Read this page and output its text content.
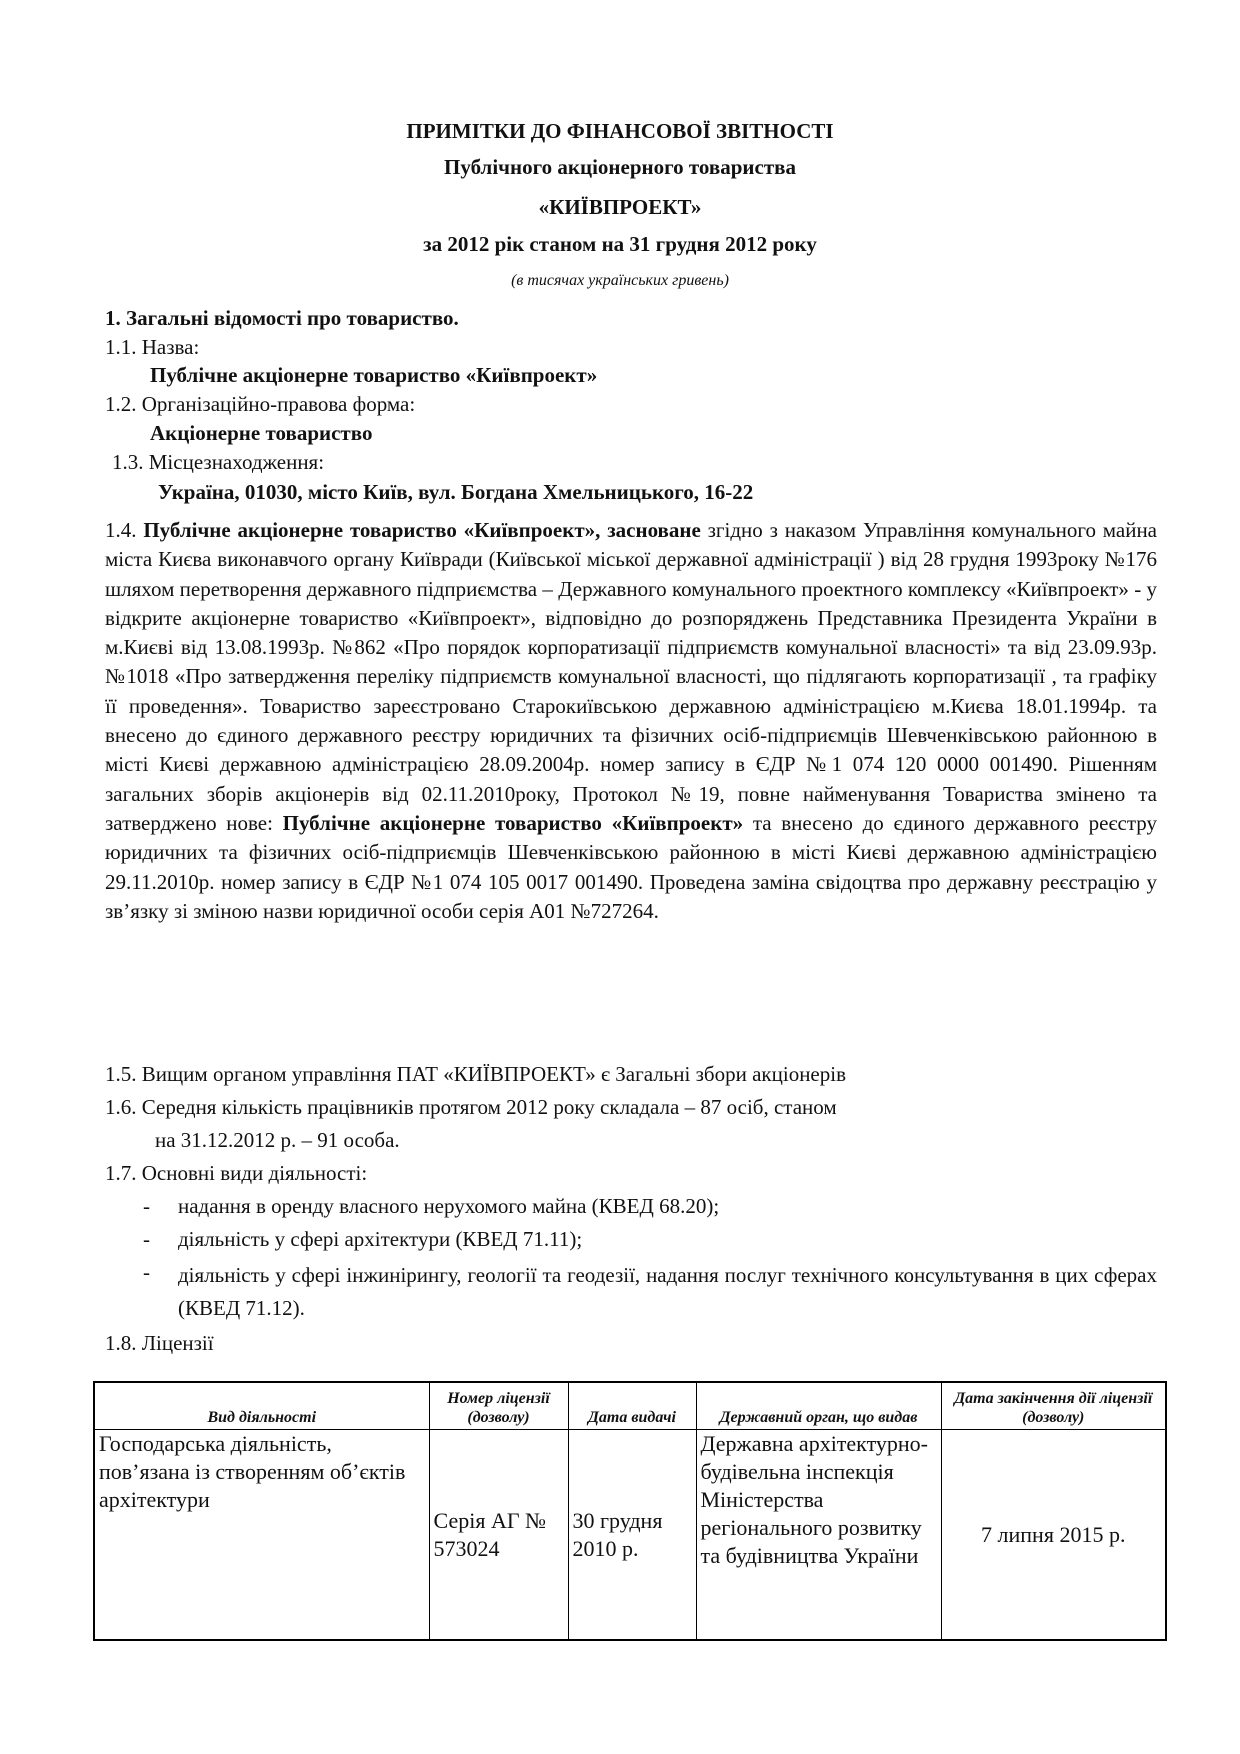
ПРИМІТКИ ДО ФІНАНСОВОЇ ЗВІТНОСТІ
Публічного акціонерного товариства
«КИЇВПРОЕКТ»
за 2012 рік станом на 31 грудня 2012 року
(в тисячах українських гривень)
1. Загальні відомості про товариство.
1.1. Назва:
Публічне акціонерне товариство «Київпроект»
1.2. Організаційно-правова форма:
Акціонерне товариство
1.3. Місцезнаходження:
Україна, 01030, місто Київ, вул. Богдана Хмельницького, 16-22
1.4. Публічне акціонерне товариство «Київпроект», засноване згідно з наказом Управління комунального майна міста Києва виконавчого органу Київради (Київської міської державної адміністрації ) від 28 грудня 1993року №176 шляхом перетворення державного підприємства – Державного комунального проектного комплексу «Київпроект» - у відкрите акціонерне товариство «Київпроект», відповідно до розпоряджень Представника Президента України в м.Києві від 13.08.1993р. №862 «Про порядок корпоратизації підприємств комунальної власності» та від 23.09.93р. №1018 «Про затвердження переліку підприємств комунальної власності, що підлягають корпоратизації , та графіку її проведення». Товариство зареєстровано Старокиївською державною адміністрацією м.Києва 18.01.1994р. та внесено до єдиного державного реєстру юридичних та фізичних осіб-підприємців Шевченківською районною в місті Києві державною адміністрацією 28.09.2004р. номер запису в ЄДР №1 074 120 0000 001490. Рішенням загальних зборів акціонерів від 02.11.2010року, Протокол №19, повне найменування Товариства змінено та затверджено нове: Публічне акціонерне товариство «Київпроект» та внесено до єдиного державного реєстру юридичних та фізичних осіб-підприємців Шевченківською районною в місті Києві державною адміністрацією 29.11.2010р. номер запису в ЄДР №1 074 105 0017 001490. Проведена заміна свідоцтва про державну реєстрацію у зв’язку зі зміною назви юридичної особи серія А01 №727264.
1.5. Вищим органом управління ПАТ «КИЇВПРОЕКТ» є Загальні збори акціонерів
1.6. Середня кількість працівників протягом 2012 року складала – 87 осіб, станом
на 31.12.2012 р. – 91 особа.
1.7. Основні види діяльності:
- надання в оренду власного нерухомого майна (КВЕД 68.20);
- діяльність у сфері архітектури (КВЕД 71.11);
- діяльність у сфері інжинірингу, геології та геодезії, надання послуг технічного консультування в цих сферах (КВЕД 71.12).
1.8. Ліцензії
Вид діяльності	Номер ліцензії (дозволу)	Дата видачі	Державний орган, що видав	Дата закінчення дії ліцензії (дозволу)
Господарська діяльність, пов’язана із створенням об’єктів архітектури	Серія АГ № 573024	30 грудня 2010 р.	Державна архітектурно-будівельна інспекція Міністерства регіонального розвитку та будівництва України	7 липня 2015 р.
